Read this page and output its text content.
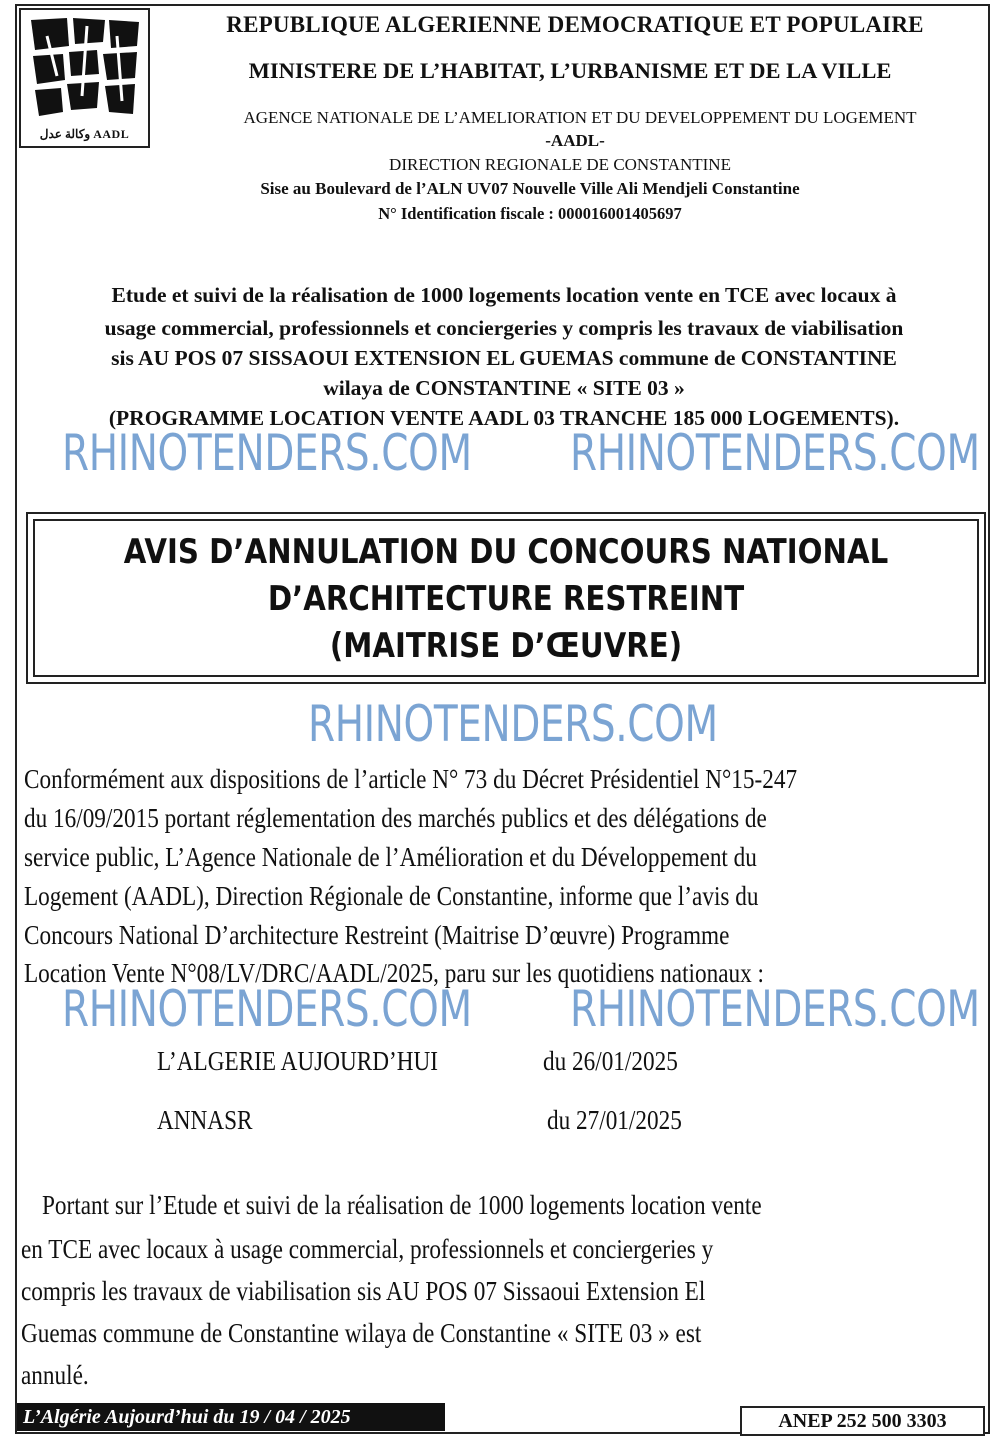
ﻭﻛﺎﻟﺔ ﻋﺪﻝ AADL
REPUBLIQUE ALGERIENNE DEMOCRATIQUE ET POPULAIRE
MINISTERE DE L’HABITAT, L’URBANISME ET DE LA VILLE
AGENCE NATIONALE DE L’AMELIORATION ET DU DEVELOPPEMENT DU LOGEMENT
-AADL-
DIRECTION REGIONALE DE CONSTANTINE
Sise au Boulevard de l’ALN UV07 Nouvelle Ville Ali Mendjeli Constantine
N° Identification fiscale : 000016001405697
Etude et suivi de la réalisation de 1000 logements location vente en TCE avec locaux à
usage commercial, professionnels et conciergeries y compris les travaux de viabilisation
sis AU POS 07 SISSAOUI EXTENSION EL GUEMAS commune de CONSTANTINE
wilaya de CONSTANTINE « SITE 03 »
(PROGRAMME LOCATION VENTE AADL 03 TRANCHE 185 000 LOGEMENTS).
RHINOTENDERS.COM RHINOTENDERS.COM
AVIS D’ANNULATION DU CONCOURS NATIONAL
D’ARCHITECTURE RESTREINT
(MAITRISE D’ŒUVRE)
RHINOTENDERS.COM
Conformément aux dispositions de l’article N° 73 du Décret Présidentiel N°15-247
du 16/09/2015 portant réglementation des marchés publics et des délégations de
service public, L’Agence Nationale de l’Amélioration et du Développement du
Logement (AADL), Direction Régionale de Constantine, informe que l’avis du
Concours National D’architecture Restreint (Maitrise D’œuvre) Programme
Location Vente N°08/LV/DRC/AADL/2025, paru sur les quotidiens nationaux :
RHINOTENDERS.COM RHINOTENDERS.COM
L’ALGERIE AUJOURD’HUI	du 26/01/2025
ANNASR	du 27/01/2025
Portant sur l’Etude et suivi de la réalisation de 1000 logements location vente
en TCE avec locaux à usage commercial, professionnels et conciergeries y
compris les travaux de viabilisation sis AU POS 07 Sissaoui Extension El
Guemas commune de Constantine wilaya de Constantine « SITE 03 » est
annulé.
L’Algérie Aujourd’hui du 19 / 04 / 2025	ANEP 252 500 3303
